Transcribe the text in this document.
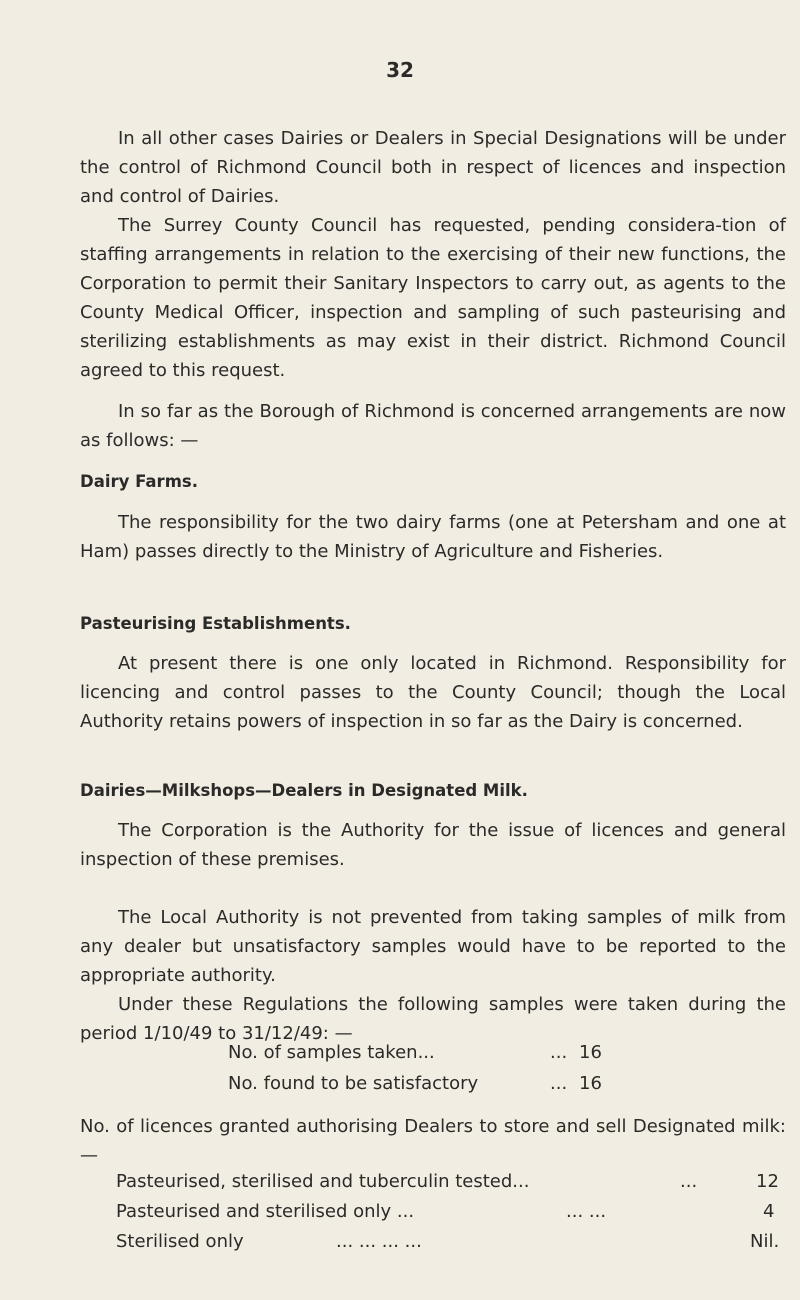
32

In all other cases Dairies or Dealers in Special Designations will be under the control of Richmond Council both in respect of licences and inspection and control of Dairies.

The Surrey County Council has requested, pending considera-tion of staffing arrangements in relation to the exercising of their new functions, the Corporation to permit their Sanitary Inspectors to carry out, as agents to the County Medical Officer, inspection and sampling of such pasteurising and sterilizing establishments as may exist in their district. Richmond Council agreed to this request.

In so far as the Borough of Richmond is concerned arrangements are now as follows: —

Dairy Farms.

The responsibility for the two dairy farms (one at Petersham and one at Ham) passes directly to the Ministry of Agriculture and Fisheries.

Pasteurising Establishments.

At present there is one only located in Richmond. Responsibility for licencing and control passes to the County Council; though the Local Authority retains powers of inspection in so far as the Dairy is concerned.

Dairies—Milkshops—Dealers in Designated Milk.

The Corporation is the Authority for the issue of licences and general inspection of these premises.

The Local Authority is not prevented from taking samples of milk from any dealer but unsatisfactory samples would have to be reported to the appropriate authority.

Under these Regulations the following samples were taken during the period 1/10/49 to 31/12/49: —

No. of samples taken...	... 16
No. found to be satisfactory	... 16

No. of licences granted authorising Dealers to store and sell Designated milk: —

Pasteurised, sterilised and tuberculin tested...	...	12
Pasteurised and sterilised only ...	... ...	4
Sterilised only	... ... ... ...	Nil.
